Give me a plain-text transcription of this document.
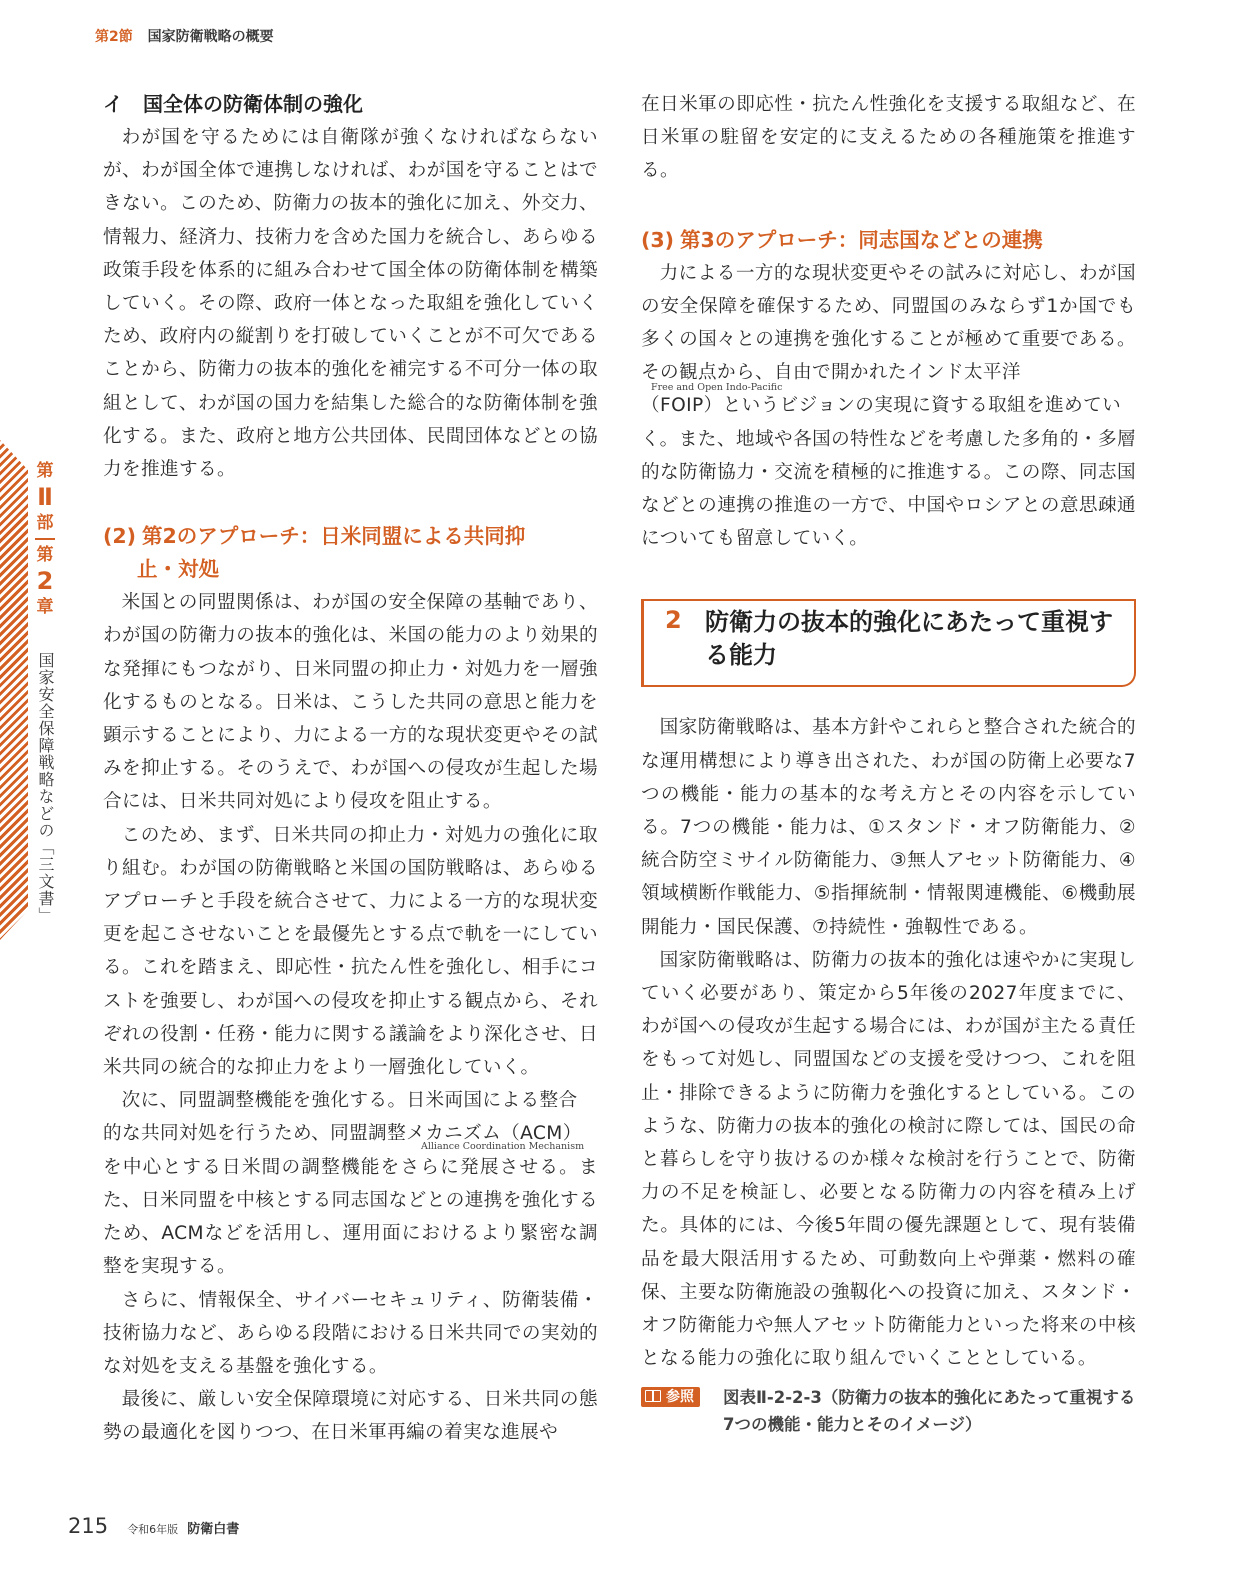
第2節 国家防衛戦略の概要
第
Ⅱ
部
第
2
章
国家安全保障戦略などの「三文書」
イ　国全体の防衛体制の強化

わが国を守るためには自衛隊が強くなければならないが、わが国全体で連携しなければ、わが国を守ることはできない。このため、防衛力の抜本的強化に加え、外交力、情報力、経済力、技術力を含めた国力を統合し、あらゆる政策手段を体系的に組み合わせて国全体の防衛体制を構築していく。その際、政府一体となった取組を強化していくため、政府内の縦割りを打破していくことが不可欠であることから、防衛力の抜本的強化を補完する不可分一体の取組として、わが国の国力を結集した総合的な防衛体制を強化する。また、政府と地方公共団体、民間団体などとの協力を推進する。

(2) 第2のアプローチ：日米同盟による共同抑
止・対処

米国との同盟関係は、わが国の安全保障の基軸であり、わが国の防衛力の抜本的強化は、米国の能力のより効果的な発揮にもつながり、日米同盟の抑止力・対処力を一層強化するものとなる。日米は、こうした共同の意思と能力を顕示することにより、力による一方的な現状変更やその試みを抑止する。そのうえで、わが国への侵攻が生起した場合には、日米共同対処により侵攻を阻止する。

このため、まず、日米共同の抑止力・対処力の強化に取り組む。わが国の防衛戦略と米国の国防戦略は、あらゆるアプローチと手段を統合させて、力による一方的な現状変更を起こさせないことを最優先とする点で軌を一にしている。これを踏まえ、即応性・抗たん性を強化し、相手にコストを強要し、わが国への侵攻を抑止する観点から、それぞれの役割・任務・能力に関する議論をより深化させ、日米共同の統合的な抑止力をより一層強化していく。

次に、同盟調整機能を強化する。日米両国による整合

的な共同対処を行うため、同盟調整メカニズム（ACM）
Alliance Coordination Mechanism

を中心とする日米間の調整機能をさらに発展させる。また、日米同盟を中核とする同志国などとの連携を強化するため、ACMなどを活用し、運用面におけるより緊密な調整を実現する。

さらに、情報保全、サイバーセキュリティ、防衛装備・技術協力など、あらゆる段階における日米共同での実効的な対処を支える基盤を強化する。

最後に、厳しい安全保障環境に対応する、日米共同の態勢の最適化を図りつつ、在日米軍再編の着実な進展や

在日米軍の即応性・抗たん性強化を支援する取組など、在日米軍の駐留を安定的に支えるための各種施策を推進する。

(3) 第3のアプローチ：同志国などとの連携

力による一方的な現状変更やその試みに対応し、わが国の安全保障を確保するため、同盟国のみならず1か国でも多くの国々との連携を強化することが極めて重要である。その観点から、自由で開かれたインド太平洋

（FOIP）というビジョンの実現に資する取組を進めてい
Free and Open Indo-Pacific

く。また、地域や各国の特性などを考慮した多角的・多層的な防衛協力・交流を積極的に推進する。この際、同志国などとの連携の推進の一方で、中国やロシアとの意思疎通についても留意していく。

2 防衛力の抜本的強化にあたって重視する能力

国家防衛戦略は、基本方針やこれらと整合された統合的な運用構想により導き出された、わが国の防衛上必要な7つの機能・能力の基本的な考え方とその内容を示している。7つの機能・能力は、①スタンド・オフ防衛能力、②統合防空ミサイル防衛能力、③無人アセット防衛能力、④領域横断作戦能力、⑤指揮統制・情報関連機能、⑥機動展開能力・国民保護、⑦持続性・強靱性である。

国家防衛戦略は、防衛力の抜本的強化は速やかに実現していく必要があり、策定から5年後の2027年度までに、わが国への侵攻が生起する場合には、わが国が主たる責任をもって対処し、同盟国などの支援を受けつつ、これを阻止・排除できるように防衛力を強化するとしている。このような、防衛力の抜本的強化の検討に際しては、国民の命と暮らしを守り抜けるのか様々な検討を行うことで、防衛力の不足を検証し、必要となる防衛力の内容を積み上げた。具体的には、今後5年間の優先課題として、現有装備品を最大限活用するため、可動数向上や弾薬・燃料の確保、主要な防衛施設の強靱化への投資に加え、スタンド・オフ防衛能力や無人アセット防衛能力といった将来の中核となる能力の強化に取り組んでいくこととしている。

参照	図表Ⅱ-2-2-3（防衛力の抜本的強化にあたって重視する7つの機能・能力とそのイメージ）
215 令和6年版 防衛白書
